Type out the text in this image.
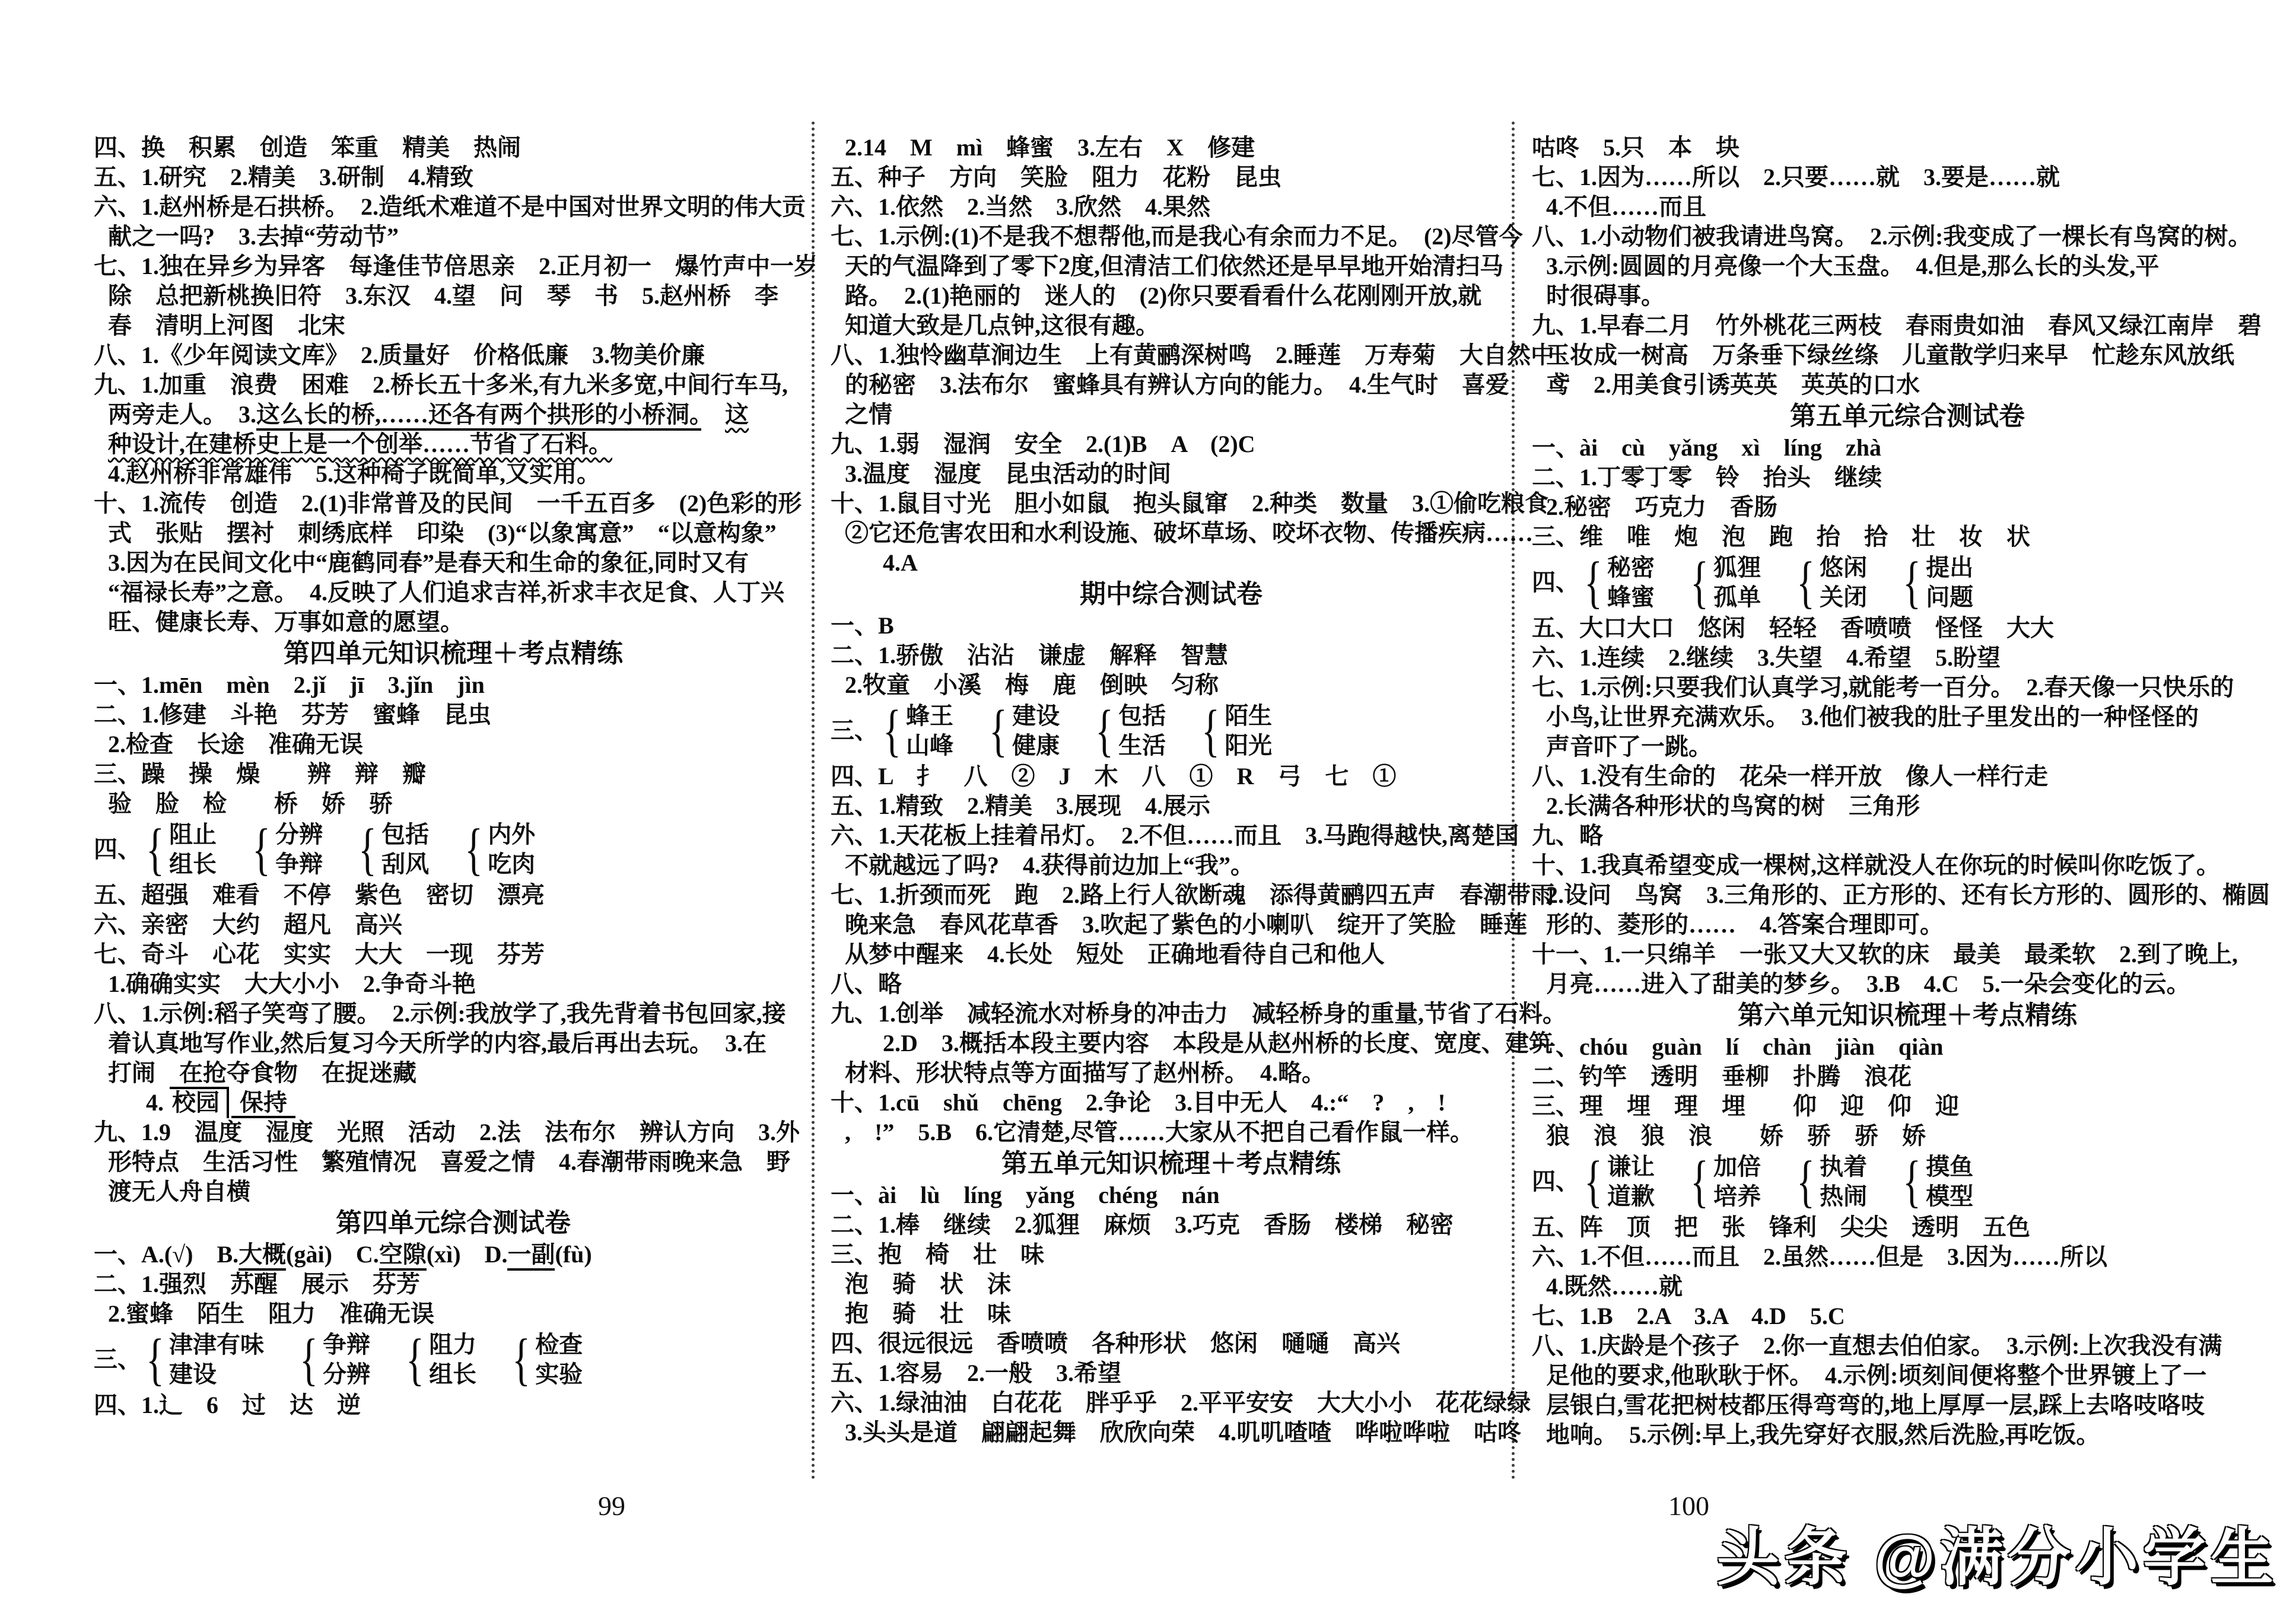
四、换　积累　创造　笨重　精美　热闹
五、1.研究　2.精美　3.研制　4.精致
六、1.赵州桥是石拱桥。　2.造纸术难道不是中国对世界文明的伟大贡
献之一吗?　3.去掉“劳动节”
七、1.独在异乡为异客　每逢佳节倍思亲　2.正月初一　爆竹声中一岁
除　总把新桃换旧符　3.东汉　4.望　问　琴　书　5.赵州桥　李
春　清明上河图　北宋
八、1.《少年阅读文库》　2.质量好　价格低廉　3.物美价廉
九、1.加重　浪费　困难　2.桥长五十多米,有九米多宽,中间行车马,
两旁走人。　3.这么长的桥,……还各有两个拱形的小桥洞。　 这
种设计,在建桥史上是一个创举……节省了石料。
4.赵州桥非常雄伟　5.这种椅子既简单,又实用。
十、1.流传　创造　2.(1)非常普及的民间　一千五百多　(2)色彩的形
式　张贴　摆衬　刺绣底样　印染　(3)“以象寓意”　“以意构象”
3.因为在民间文化中“鹿鹤同春”是春天和生命的象征,同时又有
“福禄长寿”之意。　4.反映了人们追求吉祥,祈求丰衣足食、人丁兴
旺、健康长寿、万事如意的愿望。
第四单元知识梳理＋考点精练
一、1.mēn　mèn　2.jǐ　jī　3.jǐn　jìn
二、1.修建　斗艳　芬芳　蜜蜂　昆虫
2.检查　长途　准确无误
三、躁　操　燥　　辨　辩　瓣
验　脸　检　　桥　娇　骄
四、 { 阻止
组长 { 分辨
争辩 { 包括
刮风 { 内外
吃肉
五、超强　难看　不停　紫色　密切　漂亮
六、亲密　大约　超凡　高兴
七、奇斗　心花　实实　大大　一现　芬芳
1.确确实实　大大小小　2.争奇斗艳
八、1.示例:稻子笑弯了腰。　2.示例:我放学了,我先背着书包回家,接
着认真地写作业,然后复习今天所学的内容,最后再出去玩。　3.在
打闹　在抢夺食物　在捉迷藏
4. 校园 保持
九、1.9　温度　湿度　光照　活动　2.法　法布尔　辨认方向　3.外
形特点　生活习性　繁殖情况　喜爱之情　4.春潮带雨晚来急　野
渡无人舟自横
第四单元综合测试卷
一、A.(√)　B.大概(gài)　C.空隙(xì)　D.一副(fù)
二、1.强烈　苏醒　展示　芬芳
2.蜜蜂　陌生　阻力　准确无误
三、 { 津津有味
建设	{ 争辩
分辨 { 阻力
组长 { 检查
实验
四、1.辶　6　过　达　逆
2.14　M　mì　蜂蜜　3.左右　X　修建
五、种子　方向　笑脸　阻力　花粉　昆虫
六、1.依然　2.当然　3.欣然　4.果然
七、1.示例:(1)不是我不想帮他,而是我心有余而力不足。　(2)尽管今
天的气温降到了零下2度,但清洁工们依然还是早早地开始清扫马
路。　2.(1)艳丽的　迷人的　(2)你只要看看什么花刚刚开放,就
知道大致是几点钟,这很有趣。
八、1.独怜幽草涧边生　上有黄鹂深树鸣　2.睡莲　万寿菊　大自然中
的秘密　3.法布尔　蜜蜂具有辨认方向的能力。　4.生气时　喜爱
之情
九、1.弱　湿润　安全　2.(1)B　A　(2)C
3.温度　湿度　昆虫活动的时间
十、1.鼠目寸光　胆小如鼠　抱头鼠窜　2.种类　数量　3.①偷吃粮食
②它还危害农田和水利设施、破坏草场、咬坏衣物、传播疾病……
4.A
期中综合测试卷
一、B
二、1.骄傲　沾沾　谦虚　解释　智慧
2.牧童　小溪　梅　鹿　倒映　匀称
三、 { 蜂王
山峰 { 建设
健康 { 包括
生活 { 陌生
阳光
四、L　扌　八　②　J　木　八　①　R　弓　七　①
五、1.精致　2.精美　3.展现　4.展示
六、1.天花板上挂着吊灯。　2.不但……而且　3.马跑得越快,离楚国
不就越远了吗?　4.获得前边加上“我”。
七、1.折颈而死　跑　2.路上行人欲断魂　添得黄鹂四五声　春潮带雨
晚来急　春风花草香　3.吹起了紫色的小喇叭　绽开了笑脸　睡莲
从梦中醒来　4.长处　短处　正确地看待自己和他人
八、略
九、1.创举　减轻流水对桥身的冲击力　减轻桥身的重量,节省了石料。
2.D　3.概括本段主要内容　本段是从赵州桥的长度、宽度、建筑
材料、形状特点等方面描写了赵州桥。　4.略。
十、1.cū　shǔ　chēng　2.争论　3.目中无人　4.:“　?　,　!
,　!”　5.B　6.它清楚,尽管……大家从不把自己看作鼠一样。
第五单元知识梳理＋考点精练
一、ài　lù　líng　yǎng　chéng　nán
二、1.棒　继续　2.狐狸　麻烦　3.巧克　香肠　楼梯　秘密
三、抱　椅　壮　味
泡　骑　状　沫
抱　骑　壮　味
四、很远很远　香喷喷　各种形状　悠闲　嗵嗵　高兴
五、1.容易　2.一般　3.希望
六、1.绿油油　白花花　胖乎乎　2.平平安安　大大小小　花花绿绿
3.头头是道　翩翩起舞　欣欣向荣　4.叽叽喳喳　哗啦哗啦　咕咚
咕咚　5.只　本　块
七、1.因为……所以　2.只要……就　3.要是……就
4.不但……而且
八、1.小动物们被我请进鸟窝。　2.示例:我变成了一棵长有鸟窝的树。
3.示例:圆圆的月亮像一个大玉盘。　4.但是,那么长的头发,平
时很碍事。
九、1.早春二月　竹外桃花三两枝　春雨贵如油　春风又绿江南岸　碧
玉妆成一树高　万条垂下绿丝绦　儿童散学归来早　忙趁东风放纸
鸢　2.用美食引诱英英　英英的口水
第五单元综合测试卷
一、ài　cù　yǎng　xì　líng　zhà
二、1.丁零丁零　铃　抬头　继续
2.秘密　巧克力　香肠
三、维　唯　炮　泡　跑　抬　拾　壮　妆　状
四、 { 秘密
蜂蜜 { 狐狸
孤单 { 悠闲
关闭 { 提出
问题
五、大口大口　悠闲　轻轻　香喷喷　怪怪　大大
六、1.连续　2.继续　3.失望　4.希望　5.盼望
七、1.示例:只要我们认真学习,就能考一百分。　2.春天像一只快乐的
小鸟,让世界充满欢乐。　3.他们被我的肚子里发出的一种怪怪的
声音吓了一跳。
八、1.没有生命的　花朵一样开放　像人一样行走
2.长满各种形状的鸟窝的树　三角形
九、略
十、1.我真希望变成一棵树,这样就没人在你玩的时候叫你吃饭了。
2.设问　鸟窝　3.三角形的、正方形的、还有长方形的、圆形的、椭圆
形的、菱形的……　4.答案合理即可。
十一、1.一只绵羊　一张又大又软的床　最美　最柔软　2.到了晚上,
月亮……进入了甜美的梦乡。　3.B　4.C　5.一朵会变化的云。
第六单元知识梳理＋考点精练
一、chóu　guàn　lí　chàn　jiàn　qiàn
二、钓竿　透明　垂柳　扑腾　浪花
三、理　埋　理　埋　　仰　迎　仰　迎
狼　浪　狼　浪　　娇　骄　骄　娇
四、 { 谦让
道歉 { 加倍
培养 { 执着
热闹 { 摸鱼
模型
五、阵　顶　把　张　锋利　尖尖　透明　五色
六、1.不但……而且　2.虽然……但是　3.因为……所以
4.既然……就
七、1.B　2.A　3.A　4.D　5.C
八、1.庆龄是个孩子　2.你一直想去伯伯家。　3.示例:上次我没有满
足他的要求,他耿耿于怀。　4.示例:顷刻间便将整个世界镀上了一
层银白,雪花把树枝都压得弯弯的,地上厚厚一层,踩上去咯吱咯吱
地响。　5.示例:早上,我先穿好衣服,然后洗脸,再吃饭。
99	100
头条 @满分小学生
